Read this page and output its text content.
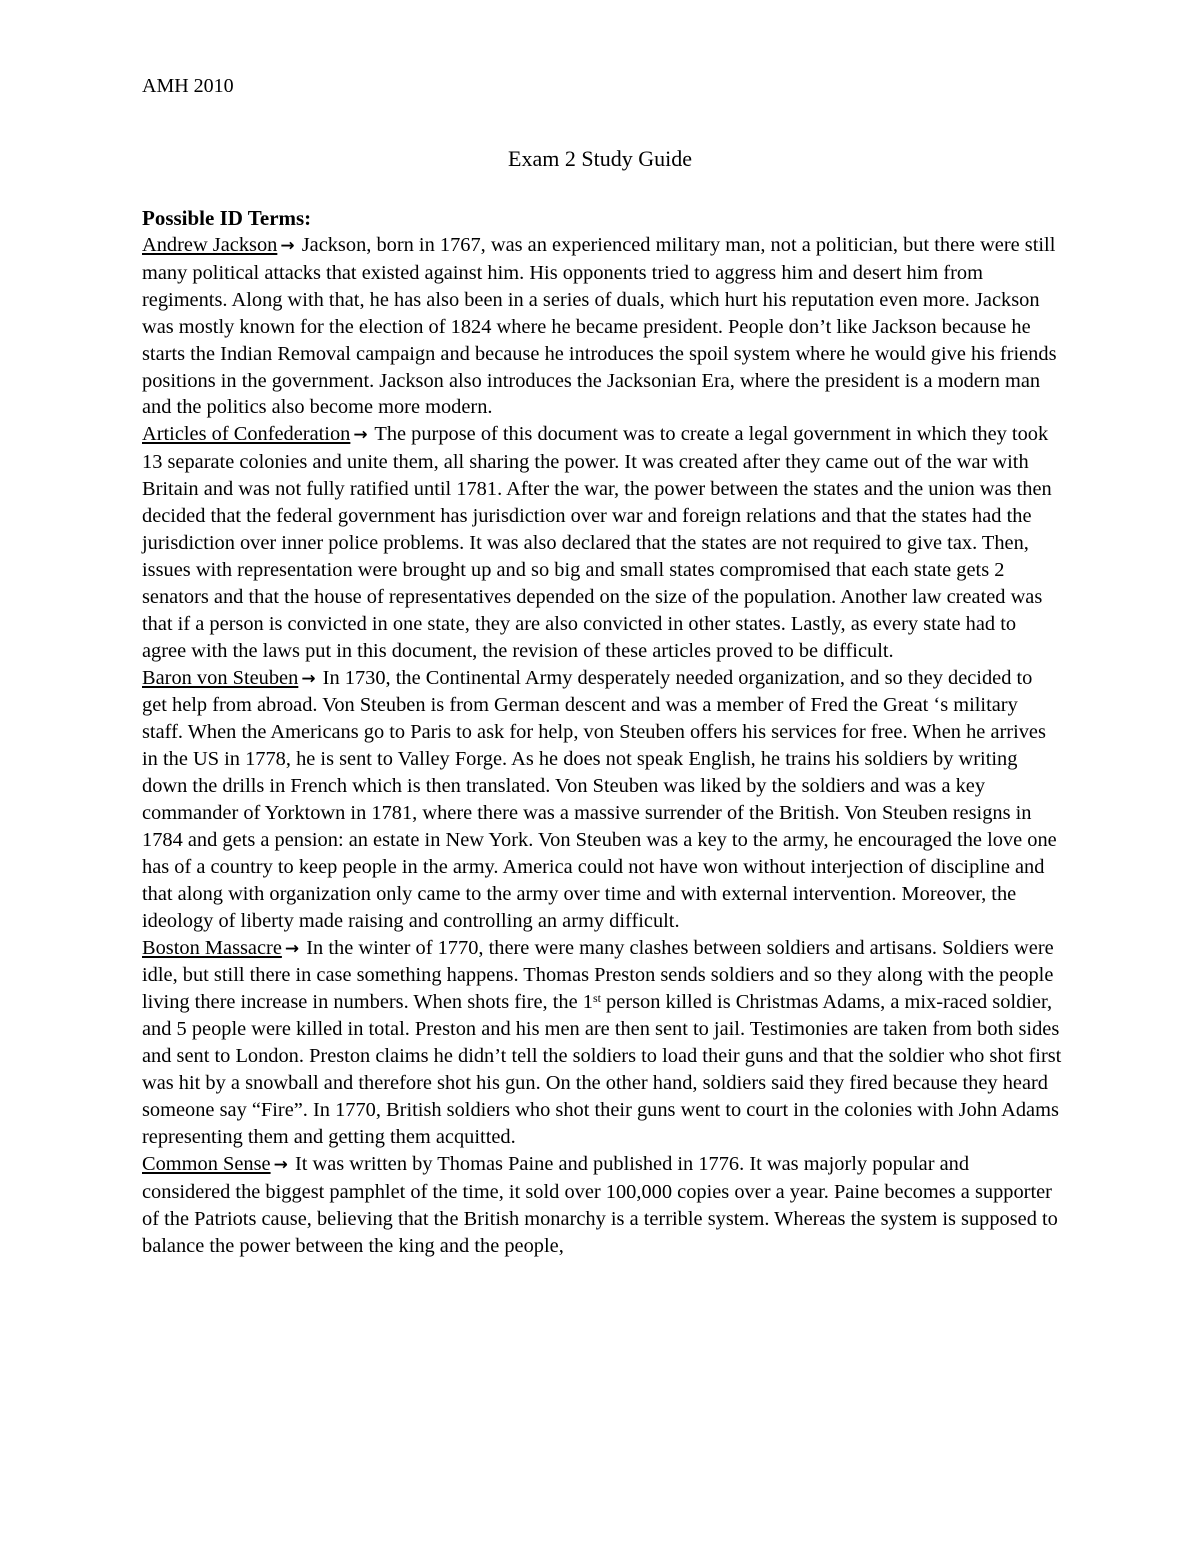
AMH 2010

Exam 2 Study Guide

Possible ID Terms:

Andrew Jackson → Jackson, born in 1767, was an experienced military man, not a politician, but there were still many political attacks that existed against him. His opponents tried to aggress him and desert him from regiments. Along with that, he has also been in a series of duals, which hurt his reputation even more. Jackson was mostly known for the election of 1824 where he became president. People don’t like Jackson because he starts the Indian Removal campaign and because he introduces the spoil system where he would give his friends positions in the government. Jackson also introduces the Jacksonian Era, where the president is a modern man and the politics also become more modern.

Articles of Confederation → The purpose of this document was to create a legal government in which they took 13 separate colonies and unite them, all sharing the power. It was created after they came out of the war with Britain and was not fully ratified until 1781. After the war, the power between the states and the union was then decided that the federal government has jurisdiction over war and foreign relations and that the states had the jurisdiction over inner police problems. It was also declared that the states are not required to give tax. Then, issues with representation were brought up and so big and small states compromised that each state gets 2 senators and that the house of representatives depended on the size of the population. Another law created was that if a person is convicted in one state, they are also convicted in other states. Lastly, as every state had to agree with the laws put in this document, the revision of these articles proved to be difficult.

Baron von Steuben → In 1730, the Continental Army desperately needed organization, and so they decided to get help from abroad. Von Steuben is from German descent and was a member of Fred the Great ‘s military staff. When the Americans go to Paris to ask for help, von Steuben offers his services for free. When he arrives in the US in 1778, he is sent to Valley Forge. As he does not speak English, he trains his soldiers by writing down the drills in French which is then translated. Von Steuben was liked by the soldiers and was a key commander of Yorktown in 1781, where there was a massive surrender of the British. Von Steuben resigns in 1784 and gets a pension: an estate in New York. Von Steuben was a key to the army, he encouraged the love one has of a country to keep people in the army. America could not have won without interjection of discipline and that along with organization only came to the army over time and with external intervention. Moreover, the ideology of liberty made raising and controlling an army difficult.

Boston Massacre → In the winter of 1770, there were many clashes between soldiers and artisans. Soldiers were idle, but still there in case something happens. Thomas Preston sends soldiers and so they along with the people living there increase in numbers. When shots fire, the 1st person killed is Christmas Adams, a mix-raced soldier, and 5 people were killed in total. Preston and his men are then sent to jail. Testimonies are taken from both sides and sent to London. Preston claims he didn’t tell the soldiers to load their guns and that the soldier who shot first was hit by a snowball and therefore shot his gun. On the other hand, soldiers said they fired because they heard someone say “Fire”. In 1770, British soldiers who shot their guns went to court in the colonies with John Adams representing them and getting them acquitted.

Common Sense → It was written by Thomas Paine and published in 1776. It was majorly popular and considered the biggest pamphlet of the time, it sold over 100,000 copies over a year. Paine becomes a supporter of the Patriots cause, believing that the British monarchy is a terrible system. Whereas the system is supposed to balance the power between the king and the people,
